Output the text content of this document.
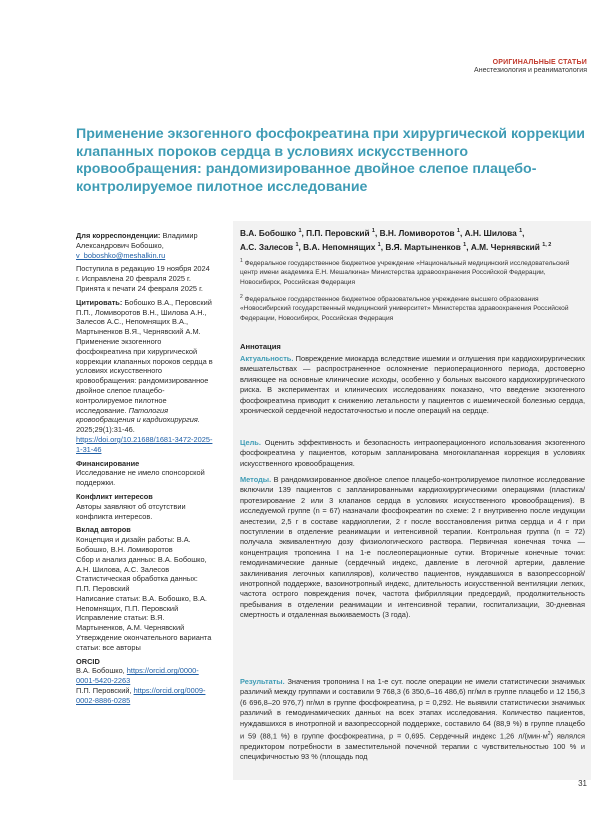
ОРИГИНАЛЬНЫЕ СТАТЬИ
Анестезиология и реаниматология
Применение экзогенного фосфокреатина при хирургической коррекции клапанных пороков сердца в условиях искусственного кровообращения: рандомизированное двойное слепое плацебо-контролируемое пилотное исследование

Для корреспонденции: Владимир Александрович Бобошко,
v_boboshko@meshalkin.ru

Поступила в редакцию 19 ноября 2024 г. Исправлена 20 февраля 2025 г. Принята к печати 24 февраля 2025 г.

Цитировать: Бобошко В.А., Перовский П.П., Ломиворотов В.Н., Шилова А.Н., Залесов А.С., Непомнящих В.А., Мартыненков В.Я., Чернявский А.М. Применение экзогенного фосфокреатина при хирургической коррекции клапанных пороков сердца в условиях искусственного кровообращения: рандомизированное двойное слепое плацебо-контролируемое пилотное исследование. Патология кровообращения и кардиохирургия. 2025;29(1):31-46. https://doi.org/10.21688/1681-3472-2025-1-31-46

Финансирование

Исследование не имело спонсорской поддержки.

Конфликт интересов

Авторы заявляют об отсутствии конфликта интересов.

Вклад авторов

Концепция и дизайн работы: В.А. Бобошко, В.Н. Ломиворотов

Сбор и анализ данных: В.А. Бобошко, А.Н. Шилова, А.С. Залесов

Статистическая обработка данных: П.П. Перовский

Написание статьи: В.А. Бобошко, В.А. Непомнящих, П.П. Перовский

Исправление статьи: В.Я. Мартыненков, А.М. Чернявский

Утверждение окончательного варианта статьи: все авторы

ORCID

В.А. Бобошко, https://orcid.org/0000-0001-5420-2263

П.П. Перовский, https://orcid.org/0009-0002-8886-0285

В.А. Бобошко $^1$, П.П. Перовский $^1$, В.Н. Ломиворотов $^1$, А.Н. Шилова $^1$,
А.С. Залесов $^1$, В.А. Непомнящих $^1$, В.Я. Мартыненков $^1$, А.М. Чернявский $^{1, 2}$
$^1$ Федеральное государственное бюджетное учреждение «Национальный медицинский исследовательский центр имени академика Е.Н. Мешалкина» Министерства здравоохранения Российской Федерации, Новосибирск, Российская Федерация
$^2$ Федеральное государственное бюджетное образовательное учреждение высшего образования «Новосибирский государственный медицинский университет» Министерства здравоохранения Российской Федерации, Новосибирск, Российская Федерация
Аннотация
Актуальность. Повреждение миокарда вследствие ишемии и оглушения при кардиохирургических вмешательствах — распространенное осложнение периоперационного периода, достоверно влияющее на основные клинические исходы, особенно у больных высокого кардиохирургического риска. В экспериментах и клинических исследованиях показано, что введение экзогенного фосфокреатина приводит к снижению летальности у пациентов с ишемической болезнью сердца, хронической сердечной недостаточностью и после операций на сердце.
Цель. Оценить эффективность и безопасность интраоперационного использования экзогенного фосфокреатина у пациентов, которым запланирована многоклапанная коррекция в условиях искусственного кровообращения.
Методы. В рандомизированное двойное слепое плацебо-контролируемое пилотное исследование включили 139 пациентов с запланированными кардиохирургическими операциями (пластика/протезирование 2 или 3 клапанов сердца в условиях искусственного кровообращения). В исследуемой группе (n = 67) назначали фосфокреатин по схеме: 2 г внутривенно после индукции анестезии, 2,5 г в составе кардиоплегии, 2 г после восстановления ритма сердца и 4 г при поступлении в отделение реанимации и интенсивной терапии. Контрольная группа (n = 72) получала эквивалентную дозу физиологического раствора. Первичная конечная точка — концентрация тропонина I на 1-е послеоперационные сутки. Вторичные конечные точки: гемодинамические данные (сердечный индекс, давление в легочной артерии, давление заклинивания легочных капилляров), количество пациентов, нуждавшихся в вазопрессорной/инотропной поддержке, вазоинотропный индекс, длительность искусственной вентиляции легких, частота острого повреждения почек, частота фибрилляции предсердий, продолжительность пребывания в отделении реанимации и интенсивной терапии, госпитализации, 30-дневная смертность и отдаленная выживаемость (3 года).
Результаты. Значения тропонина I на 1-е сут. после операции не имели статистически значимых различий между группами и составили 9 768,3 (6 350,6–16 486,6) пг/мл в группе плацебо и 12 156,3 (6 696,8–20 976,7) пг/мл в группе фосфокреатина, p = 0,292. Не выявили статистически значимых различий в гемодинамических данных на всех этапах исследования. Количество пациентов, нуждавшихся в инотропной и вазопрессорной поддержке, составило 64 (88,9 %) в группе плацебо и 59 (88,1 %) в группе фосфокреатина, p = 0,695. Сердечный индекс 1,26 $л/(мин\cdot м^2)$ являлся предиктором потребности в заместительной почечной терапии с чувствительностью 100 % и специфичностью 93 % (площадь под
31
